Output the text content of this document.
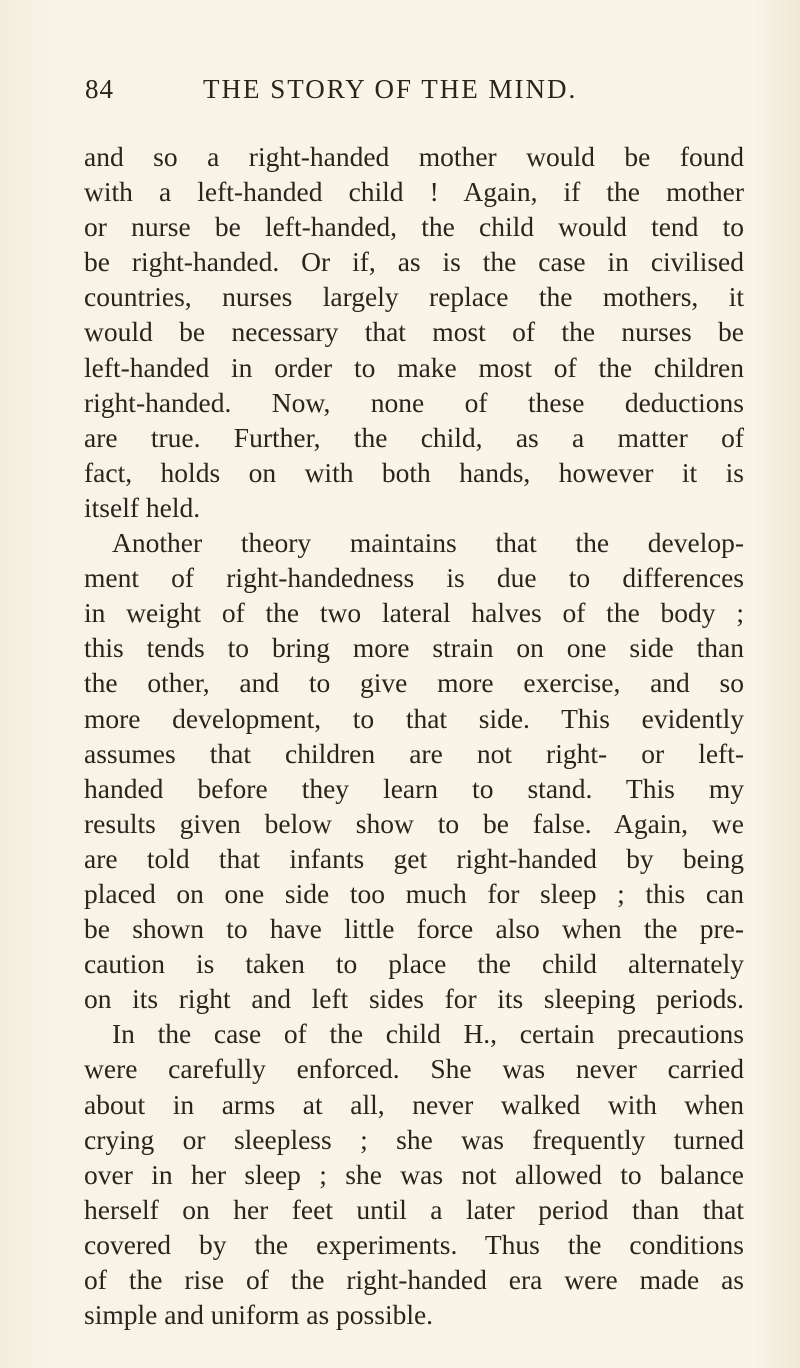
84	THE STORY OF THE MIND.
and so a right-handed mother would be found
with a left-handed child ! Again, if the mother
or nurse be left-handed, the child would tend to
be right-handed. Or if, as is the case in civilised
countries, nurses largely replace the mothers, it
would be necessary that most of the nurses be
left-handed in order to make most of the children
right-handed. Now, none of these deductions
are true. Further, the child, as a matter of
fact, holds on with both hands, however it is
itself held.
Another theory maintains that the develop-
ment of right-handedness is due to differences
in weight of the two lateral halves of the body ;
this tends to bring more strain on one side than
the other, and to give more exercise, and so
more development, to that side. This evidently
assumes that children are not right- or left-
handed before they learn to stand. This my
results given below show to be false. Again, we
are told that infants get right-handed by being
placed on one side too much for sleep ; this can
be shown to have little force also when the pre-
caution is taken to place the child alternately
on its right and left sides for its sleeping periods.
In the case of the child H., certain precautions
were carefully enforced. She was never carried
about in arms at all, never walked with when
crying or sleepless ; she was frequently turned
over in her sleep ; she was not allowed to balance
herself on her feet until a later period than that
covered by the experiments. Thus the conditions
of the rise of the right-handed era were made as
simple and uniform as possible.
